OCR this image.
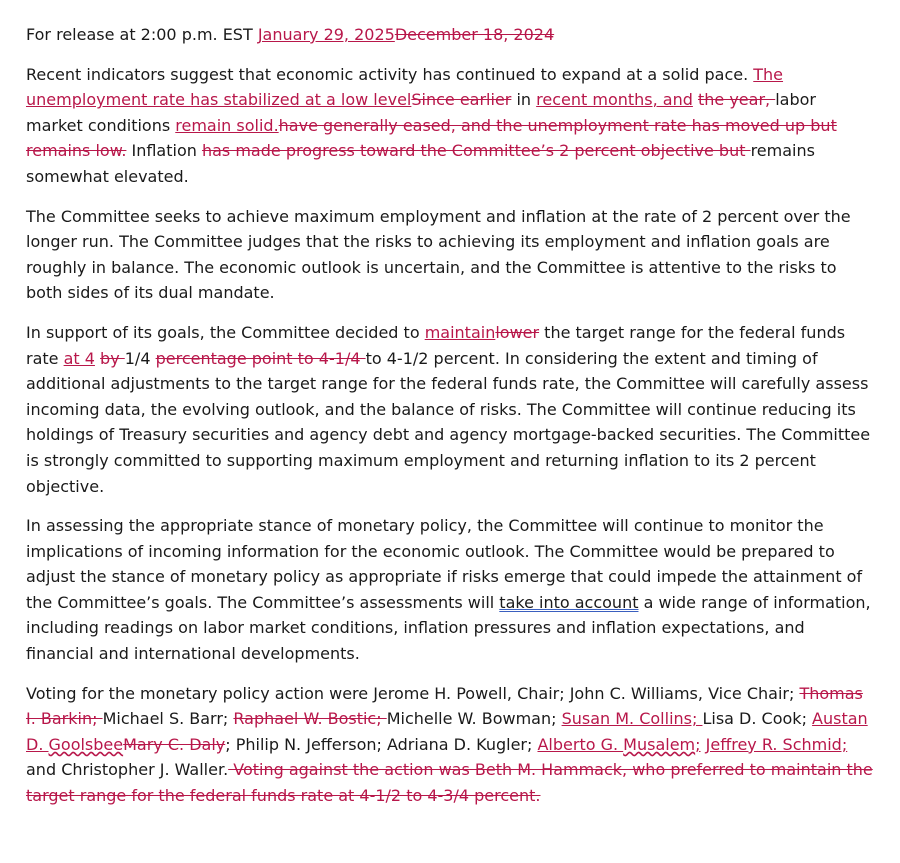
For release at 2:00 p.m. EST January 29, 2025December 18, 2024

Recent indicators suggest that economic activity has continued to expand at a solid pace. The unemployment rate has stabilized at a low levelSince earlier in recent months, and the year, labor market conditions remain solid.have generally eased, and the unemployment rate has moved up but remains low. Inflation has made progress toward the Committee’s 2 percent objective but remains somewhat elevated.

The Committee seeks to achieve maximum employment and inflation at the rate of 2 percent over the longer run. The Committee judges that the risks to achieving its employment and inflation goals are roughly in balance. The economic outlook is uncertain, and the Committee is attentive to the risks to both sides of its dual mandate.

In support of its goals, the Committee decided to maintainlower the target range for the federal funds rate at 4 by 1/4 percentage point to 4-1/4 to 4-1/2 percent. In considering the extent and timing of additional adjustments to the target range for the federal funds rate, the Committee will carefully assess incoming data, the evolving outlook, and the balance of risks. The Committee will continue reducing its holdings of Treasury securities and agency debt and agency mortgage-backed securities. The Committee is strongly committed to supporting maximum employment and returning inflation to its 2 percent objective.

In assessing the appropriate stance of monetary policy, the Committee will continue to monitor the implications of incoming information for the economic outlook. The Committee would be prepared to adjust the stance of monetary policy as appropriate if risks emerge that could impede the attainment of the Committee’s goals. The Committee’s assessments will take into account a wide range of information, including readings on labor market conditions, inflation pressures and inflation expectations, and financial and international developments.

Voting for the monetary policy action were Jerome H. Powell, Chair; John C. Williams, Vice Chair; Thomas I. Barkin; Michael S. Barr; Raphael W. Bostic; Michelle W. Bowman; Susan M. Collins; Lisa D. Cook; Austan D. GoolsbeeMary C. Daly; Philip N. Jefferson; Adriana D. Kugler; Alberto G. Musalem; Jeffrey R. Schmid; and Christopher J. Waller. Voting against the action was Beth M. Hammack, who preferred to maintain the target range for the federal funds rate at 4-1/2 to 4-3/4 percent.
